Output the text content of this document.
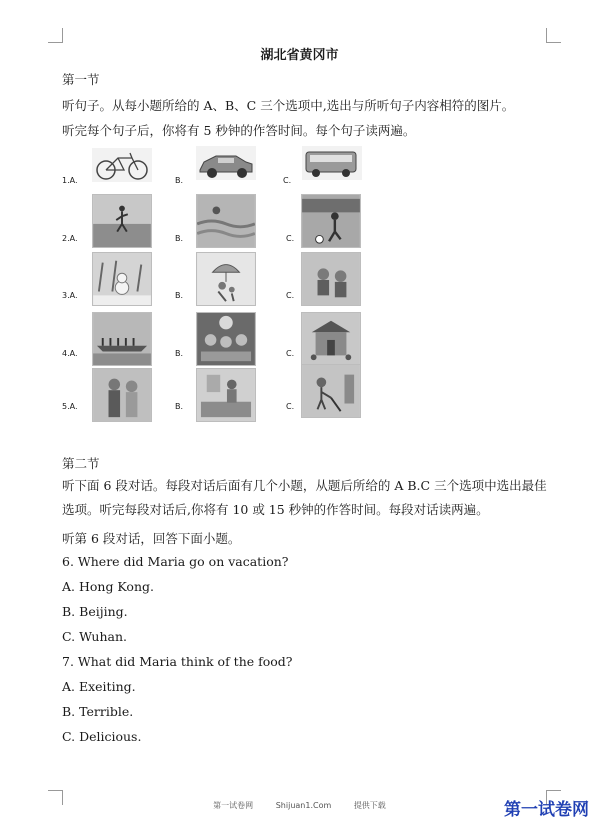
湖北省黄冈市
第一节
听句子。从每小题所给的 A、B、C 三个选项中,选出与所听句子内容相符的图片。
听完每个句子后，你将有 5 秒钟的作答时间。每个句子读两遍。
1.A.	B.	C.
2.A.	B.	C.
3.A.	B.	C.
4.A.	B.	C.
5.A.	B.	C.
第二节
听下面 6 段对话。每段对话后面有几个小题，从题后所给的 A B.C 三个选项中选出最佳选项。听完每段对话后,你将有 10 或 15 秒钟的作答时间。每段对话读两遍。
听第 6 段对话，回答下面小题。
6. Where did Maria go on vacation?
A. Hong Kong.
B. Beijing.
C. Wuhan.
7. What did Maria think of the food?
A. Exeiting.
B. Terrible.
C. Delicious.
第一试卷网	Shijuan1.Com	提供下载	第一试卷网
